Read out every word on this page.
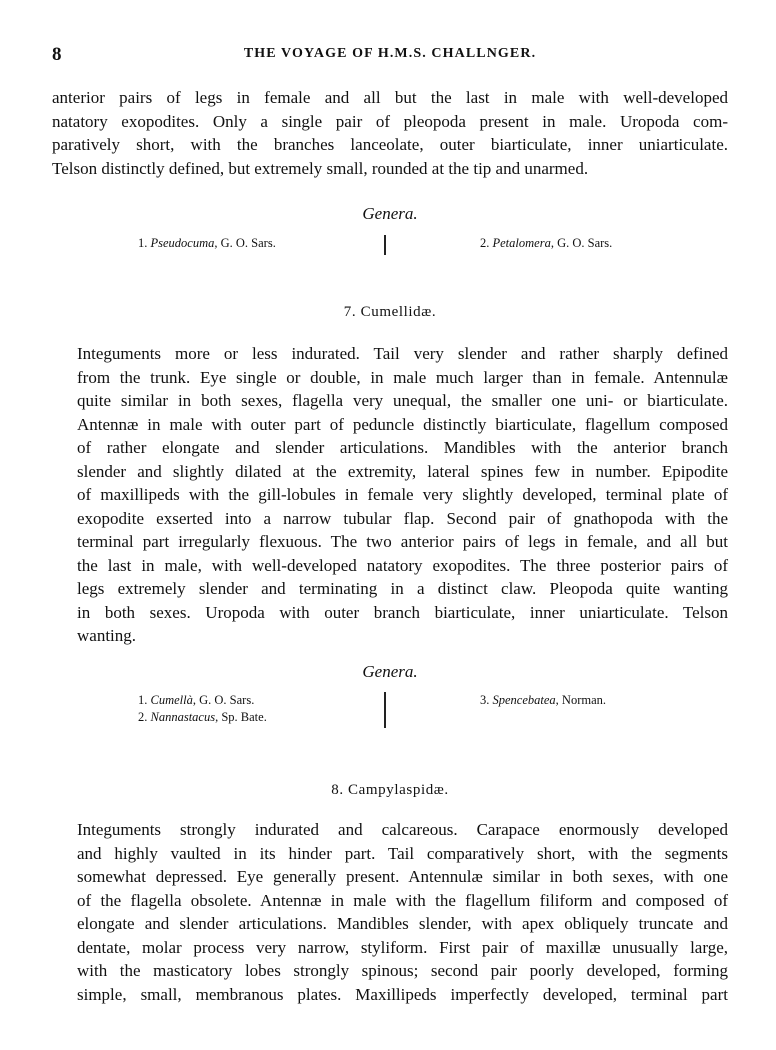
8	THE VOYAGE OF H.M.S. CHALLNGER.

anterior pairs of legs in female and all but the last in male with well-developed
natatory exopodites. Only a single pair of pleopoda present in male. Uropoda com-
paratively short, with the branches lanceolate, outer biarticulate, inner uniarticulate.
Telson distinctly defined, but extremely small, rounded at the tip and unarmed.

Genera.
1. Pseudocuma, G. O. Sars.	2. Petalomera, G. O. Sars.
7. Cumellidæ.

Integuments more or less indurated. Tail very slender and rather sharply defined
from the trunk. Eye single or double, in male much larger than in female. Antennulæ
quite similar in both sexes, flagella very unequal, the smaller one uni- or biarticulate.
Antennæ in male with outer part of peduncle distinctly biarticulate, flagellum composed
of rather elongate and slender articulations. Mandibles with the anterior branch
slender and slightly dilated at the extremity, lateral spines few in number. Epipodite
of maxillipeds with the gill-lobules in female very slightly developed, terminal plate of
exopodite exserted into a narrow tubular flap. Second pair of gnathopoda with the
terminal part irregularly flexuous. The two anterior pairs of legs in female, and all but
the last in male, with well-developed natatory exopodites. The three posterior pairs of
legs extremely slender and terminating in a distinct claw. Pleopoda quite wanting
in both sexes. Uropoda with outer branch biarticulate, inner uniarticulate. Telson
wanting.

Genera.
1. Cumellà, G. O. Sars.
2. Nannastacus, Sp. Bate.
3. Spencebatea, Norman.
8. Campylaspidæ.

Integuments strongly indurated and calcareous. Carapace enormously developed
and highly vaulted in its hinder part. Tail comparatively short, with the segments
somewhat depressed. Eye generally present. Antennulæ similar in both sexes, with one
of the flagella obsolete. Antennæ in male with the flagellum filiform and composed of
elongate and slender articulations. Mandibles slender, with apex obliquely truncate and
dentate, molar process very narrow, styliform. First pair of maxillæ unusually large,
with the masticatory lobes strongly spinous; second pair poorly developed, forming
simple, small, membranous plates. Maxillipeds imperfectly developed, terminal part
